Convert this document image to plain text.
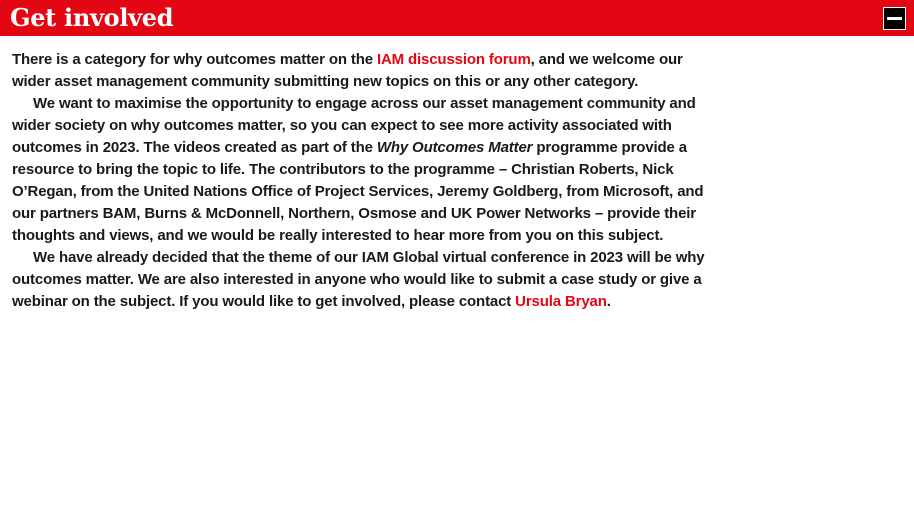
Get involved

There is a category for why outcomes matter on the IAM discussion forum, and we welcome our wider asset management community submitting new topics on this or any other category.

We want to maximise the opportunity to engage across our asset management community and wider society on why outcomes matter, so you can expect to see more activity associated with outcomes in 2023. The videos created as part of the Why Outcomes Matter programme provide a resource to bring the topic to life. The contributors to the programme – Christian Roberts, Nick O’Regan, from the United Nations Office of Project Services, Jeremy Goldberg, from Microsoft, and our partners BAM, Burns & McDonnell, Northern, Osmose and UK Power Networks – provide their thoughts and views, and we would be really interested to hear more from you on this subject.

We have already decided that the theme of our IAM Global virtual conference in 2023 will be why outcomes matter. We are also interested in anyone who would like to submit a case study or give a webinar on the subject. If you would like to get involved, please contact Ursula Bryan.
